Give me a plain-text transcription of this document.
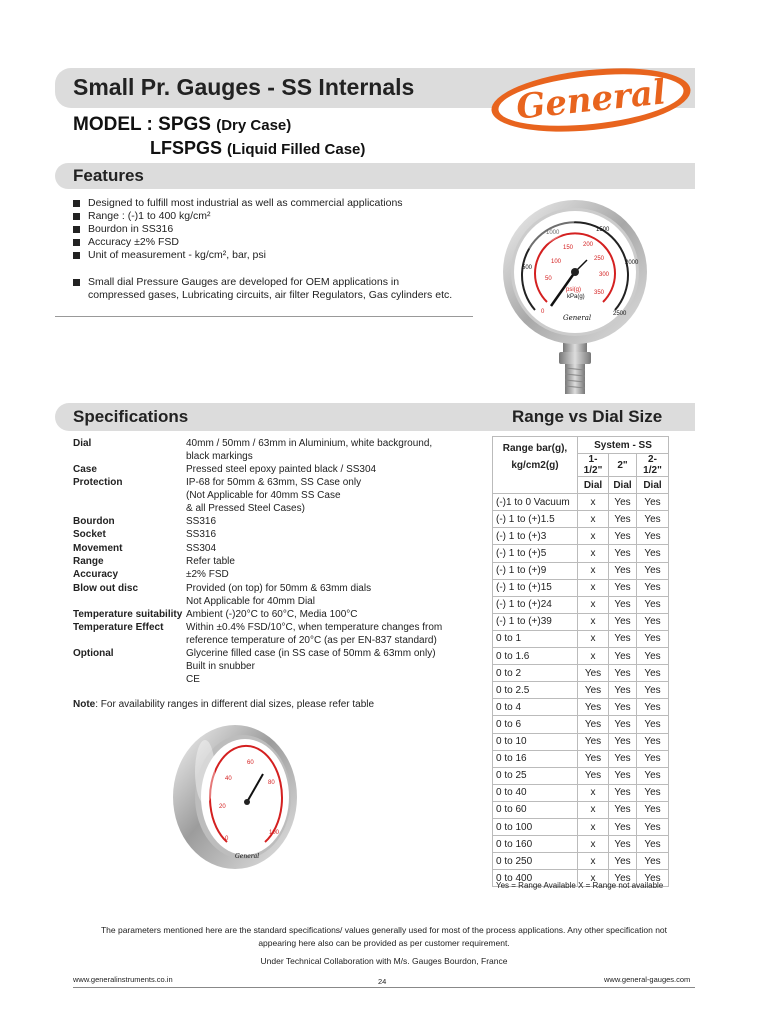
Small Pr. Gauges - SS Internals	General
MODEL : SPGS (Dry Case)
LFSPGS (Liquid Filled Case)
Features
Designed to fulfill most industrial as well as commercial applications
Range : (-)1 to 400 kg/cm²
Bourdon in SS316
Accuracy ±2% FSD
Unit of measurement - kg/cm², bar, psi
Small dial Pressure Gauges are developed for OEM applications in
compressed gases, Lubricating circuits, air filter Regulators, Gas cylinders etc.
500
1000	1500
2000
2500
0
50
100
150 200
250
300
350
psi(g)
kPa(g)
General
Specifications	Range vs Dial Size
Dial	40mm / 50mm / 63mm in Aluminium, white background,
black markings
Case	Pressed steel epoxy painted black / SS304
Protection	IP-68 for 50mm & 63mm, SS Case only
(Not Applicable for 40mm SS Case
& all Pressed Steel Cases)
Bourdon	SS316
Socket	SS316
Movement	SS304
Range	Refer table
Accuracy	±2% FSD
Blow out disc	Provided (on top) for 50mm & 63mm dials
Not Applicable for 40mm Dial
Temperature suitability Ambient (-)20°C to 60°C, Media 100°C
Temperature Effect	Within ±0.4% FSD/10°C, when temperature changes from
reference temperature of 20°C (as per EN-837 standard)
Optional	Glycerine filled case (in SS case of 50mm & 63mm only)
Built in snubber
CE
Note: For availability ranges in different dial sizes, please refer table
0
20
40
60
80
100
General
Range bar(g),
kg/cm2(g)	System - SS		
	1-1/2"	2"	2-1/2"
	Dial	Dial	Dial
(-)1 to 0 Vacuum	x	Yes	Yes
(-) 1 to (+)1.5	x	Yes	Yes
(-) 1 to (+)3	x	Yes	Yes
(-) 1 to (+)5	x	Yes	Yes
(-) 1 to (+)9	x	Yes	Yes
(-) 1 to (+)15	x	Yes	Yes
(-) 1 to (+)24	x	Yes	Yes
(-) 1 to (+)39	x	Yes	Yes
0 to 1	x	Yes	Yes
0 to 1.6	x	Yes	Yes
0 to 2	Yes	Yes	Yes
0 to 2.5	Yes	Yes	Yes
0 to 4	Yes	Yes	Yes
0 to 6	Yes	Yes	Yes
0 to 10	Yes	Yes	Yes
0 to 16	Yes	Yes	Yes
0 to 25	Yes	Yes	Yes
0 to 40	x	Yes	Yes
0 to 60	x	Yes	Yes
0 to 100	x	Yes	Yes
0 to 160	x	Yes	Yes
0 to 250	x	Yes	Yes
0 to 400	x	Yes	Yes
Yes = Range Available X = Range not available
The parameters mentioned here are the standard specifications/ values generally used for most of the process applications. Any other specification not
appearing here also can be provided as per customer requirement.
Under Technical Collaboration with M/s. Gauges Bourdon, France
www.generalinstruments.co.in	24	www.general-gauges.com
